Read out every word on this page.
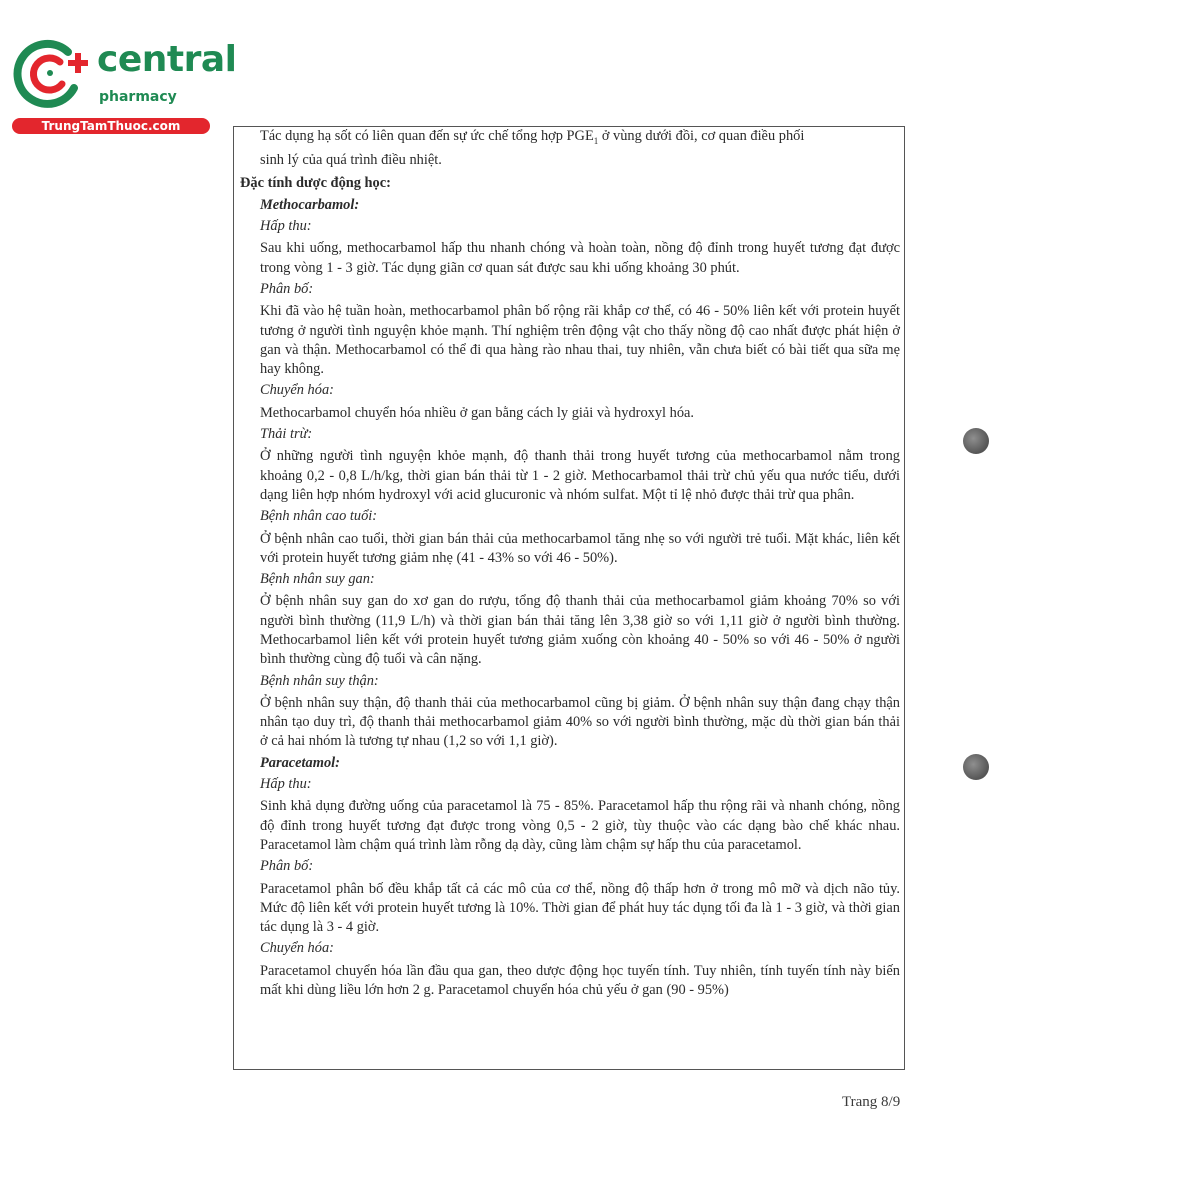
central
pharmacy
TrungTamThuoc.com

Tác dụng hạ sốt có liên quan đến sự ức chế tổng hợp $PGE_1$ ở vùng dưới đồi, cơ quan điều phối
sinh lý của quá trình điều nhiệt.

Đặc tính dược động học:

Methocarbamol:

Hấp thu:

Sau khi uống, methocarbamol hấp thu nhanh chóng và hoàn toàn, nồng độ đỉnh trong huyết tương đạt được trong vòng 1 - 3 giờ. Tác dụng giãn cơ quan sát được sau khi uống khoảng 30 phút.

Phân bố:

Khi đã vào hệ tuần hoàn, methocarbamol phân bố rộng rãi khắp cơ thể, có 46 - 50% liên kết với protein huyết tương ở người tình nguyện khỏe mạnh. Thí nghiệm trên động vật cho thấy nồng độ cao nhất được phát hiện ở gan và thận. Methocarbamol có thể đi qua hàng rào nhau thai, tuy nhiên, vẫn chưa biết có bài tiết qua sữa mẹ hay không.

Chuyển hóa:

Methocarbamol chuyển hóa nhiều ở gan bằng cách ly giải và hydroxyl hóa.

Thải trừ:

Ở những người tình nguyện khỏe mạnh, độ thanh thải trong huyết tương của methocarbamol nằm trong khoảng 0,2 - 0,8 L/h/kg, thời gian bán thải từ 1 - 2 giờ. Methocarbamol thải trừ chủ yếu qua nước tiểu, dưới dạng liên hợp nhóm hydroxyl với acid glucuronic và nhóm sulfat. Một tỉ lệ nhỏ được thải trừ qua phân.

Bệnh nhân cao tuổi:

Ở bệnh nhân cao tuổi, thời gian bán thải của methocarbamol tăng nhẹ so với người trẻ tuổi. Mặt khác, liên kết với protein huyết tương giảm nhẹ (41 - 43% so với 46 - 50%).

Bệnh nhân suy gan:

Ở bệnh nhân suy gan do xơ gan do rượu, tổng độ thanh thải của methocarbamol giảm khoảng 70% so với người bình thường (11,9 L/h) và thời gian bán thải tăng lên 3,38 giờ so với 1,11 giờ ở người bình thường. Methocarbamol liên kết với protein huyết tương giảm xuống còn khoảng 40 - 50% so với 46 - 50% ở người bình thường cùng độ tuổi và cân nặng.

Bệnh nhân suy thận:

Ở bệnh nhân suy thận, độ thanh thải của methocarbamol cũng bị giảm. Ở bệnh nhân suy thận đang chạy thận nhân tạo duy trì, độ thanh thải methocarbamol giảm 40% so với người bình thường, mặc dù thời gian bán thải ở cả hai nhóm là tương tự nhau (1,2 so với 1,1 giờ).

Paracetamol:

Hấp thu:

Sinh khả dụng đường uống của paracetamol là 75 - 85%. Paracetamol hấp thu rộng rãi và nhanh chóng, nồng độ đỉnh trong huyết tương đạt được trong vòng 0,5 - 2 giờ, tùy thuộc vào các dạng bào chế khác nhau. Paracetamol làm chậm quá trình làm rỗng dạ dày, cũng làm chậm sự hấp thu của paracetamol.

Phân bố:

Paracetamol phân bố đều khắp tất cả các mô của cơ thể, nồng độ thấp hơn ở trong mô mỡ và dịch não tủy. Mức độ liên kết với protein huyết tương là 10%. Thời gian để phát huy tác dụng tối đa là 1 - 3 giờ, và thời gian tác dụng là 3 - 4 giờ.

Chuyển hóa:

Paracetamol chuyển hóa lần đầu qua gan, theo dược động học tuyến tính. Tuy nhiên, tính tuyến tính này biến mất khi dùng liều lớn hơn 2 g. Paracetamol chuyển hóa chủ yếu ở gan (90 - 95%)

Trang 8/9
